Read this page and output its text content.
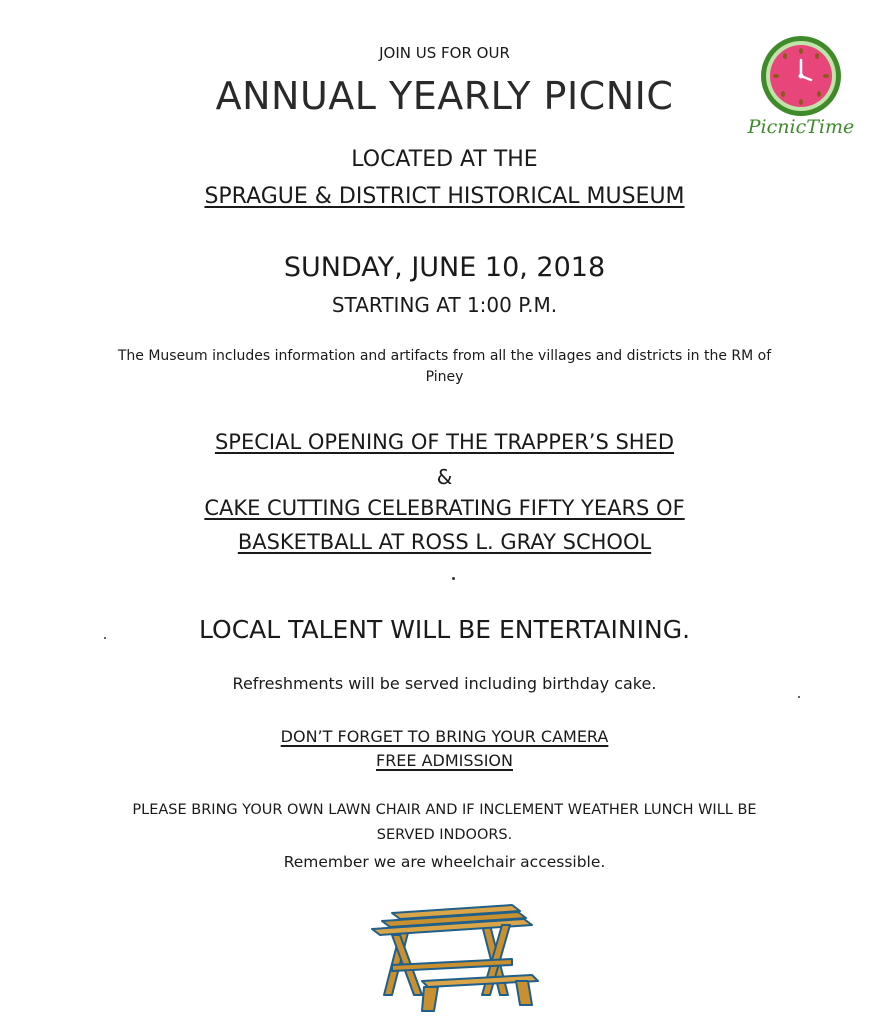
JOIN US FOR OUR
ANNUAL YEARLY PICNIC
PicnicTime
LOCATED AT THE
SPRAGUE & DISTRICT HISTORICAL MUSEUM
SUNDAY, JUNE 10, 2018
STARTING AT 1:00 P.M.
The Museum includes information and artifacts from all the villages and districts in the RM of
Piney
SPECIAL OPENING OF THE TRAPPER’S SHED
&
CAKE CUTTING CELEBRATING FIFTY YEARS OF
BASKETBALL AT ROSS L. GRAY SCHOOL
LOCAL TALENT WILL BE ENTERTAINING.
Refreshments will be served including birthday cake.
DON’T FORGET TO BRING YOUR CAMERA
FREE ADMISSION
PLEASE BRING YOUR OWN LAWN CHAIR AND IF INCLEMENT WEATHER LUNCH WILL BE
SERVED INDOORS.
Remember we are wheelchair accessible.
